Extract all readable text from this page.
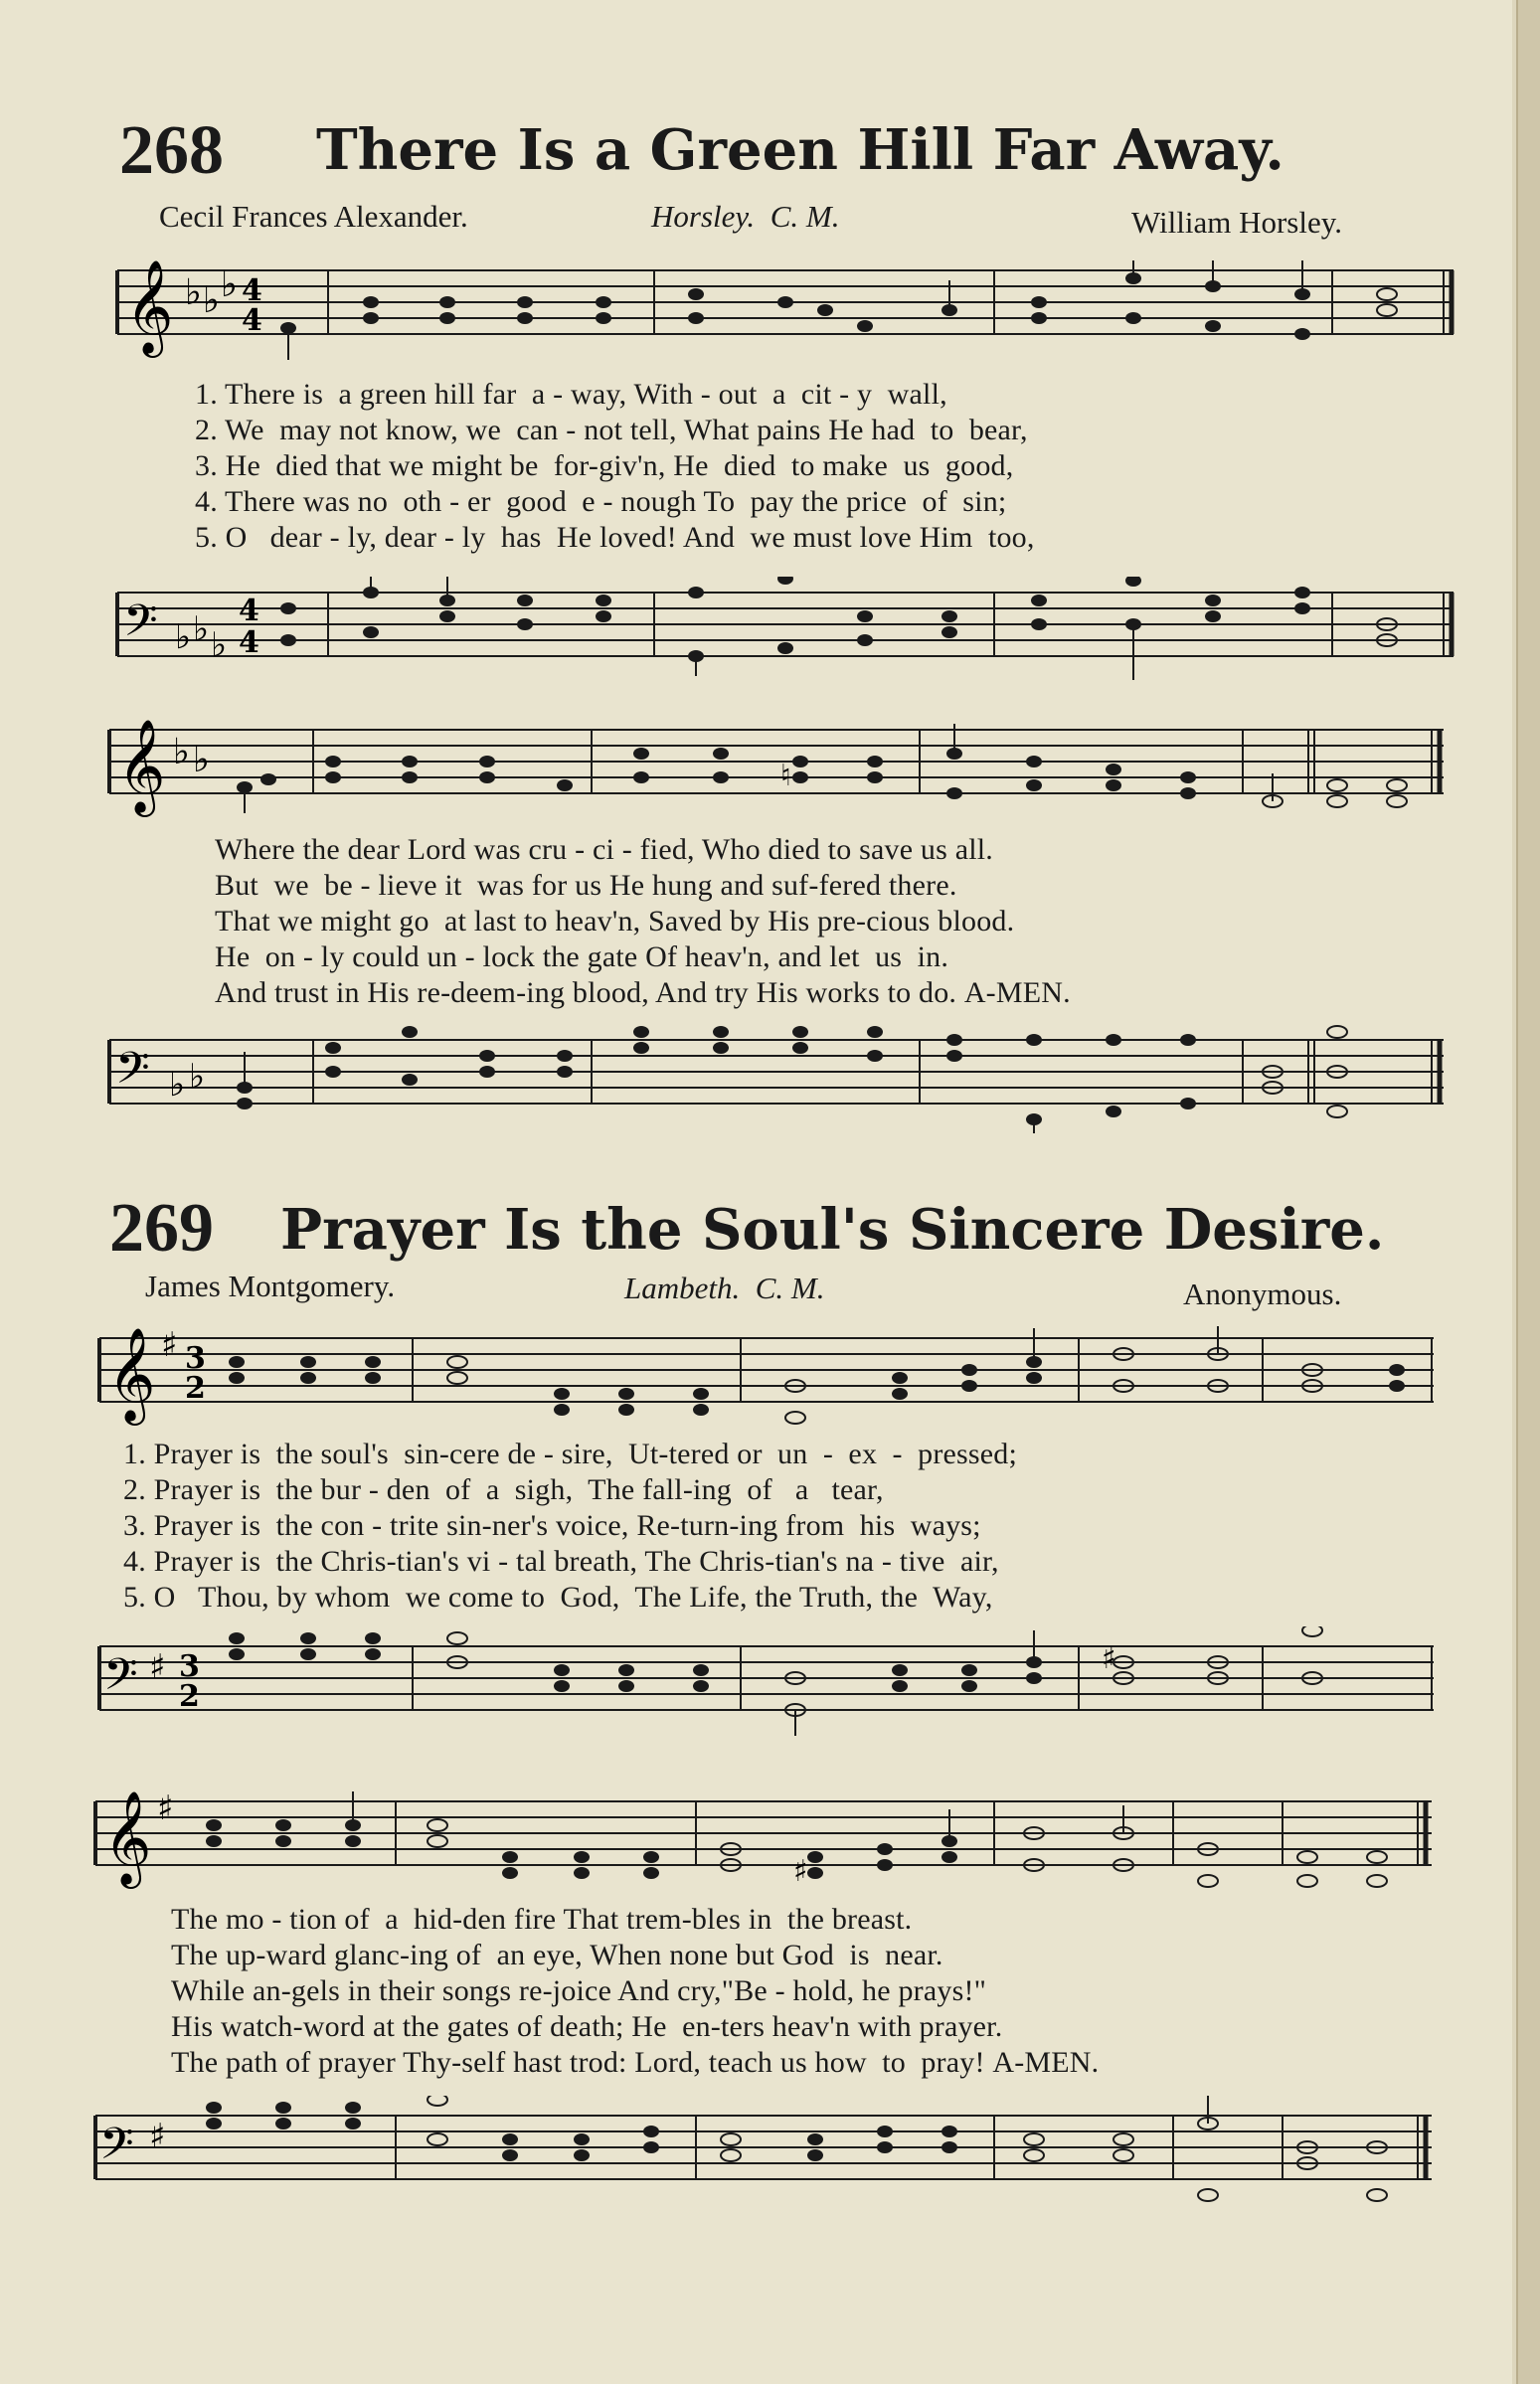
268 There Is a Green Hill Far Away.
Cecil Frances Alexander.	Horsley. C. M.	William Horsley.
𝄞 ♭ ♭ ♭ 4
4
1. There is  a green hill far  a - way, With - out  a  cit - y  wall,
2. We  may not know, we  can - not tell, What pains He had  to  bear,
3. He  died that we might be  for-giv'n, He  died  to make  us  good,
4. There was no  oth - er  good  e - nough To  pay the price  of  sin;
5. O   dear - ly, dear - ly  has  He loved! And  we must love Him  too,
𝄢 ♭ ♭ ♭
4
4
𝄞 ♭ ♭	♮
Where the dear Lord was cru - ci - fied, Who died to save us all.
But  we  be - lieve it  was for us He hung and suf-fered there.
That we might go  at last to heav'n, Saved by His pre-cious blood.
He  on - ly could un - lock the gate Of heav'n, and let  us  in.
And trust in His re-deem-ing blood, And try His works to do. A-MEN.
𝄢 ♭ ♭
269 Prayer Is the Soul's Sincere Desire.
James Montgomery.	Lambeth. C. M.	Anonymous.
𝄞 ♯ 3
2
1. Prayer is  the soul's  sin-cere de - sire,  Ut-tered or  un  -  ex  -  pressed;
2. Prayer is  the bur - den  of  a  sigh,  The fall-ing  of   a   tear,
3. Prayer is  the con - trite sin-ner's voice, Re-turn-ing from  his  ways;
4. Prayer is  the Chris-tian's vi - tal breath, The Chris-tian's na - tive  air,
5. O   Thou, by whom  we come to  God,  The Life, the Truth, the  Way,
𝄢 ♯ 3
2
♯
𝄞 ♯
♯
The mo - tion of  a  hid-den fire That trem-bles in  the breast.
The up-ward glanc-ing of  an eye, When none but God  is  near.
While an-gels in their songs re-joice And cry,"Be - hold, he prays!"
His watch-word at the gates of death; He  en-ters heav'n with prayer.
The path of prayer Thy-self hast trod: Lord, teach us how  to  pray! A-MEN.
𝄢 ♯
